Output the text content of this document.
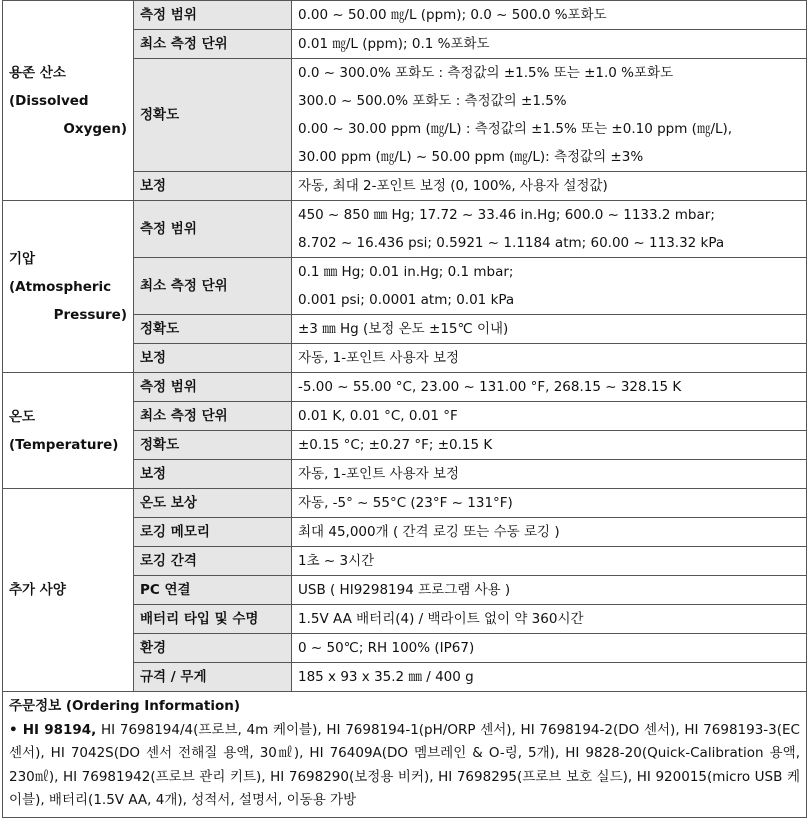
용존 산소
(Dissolved
Oxygen)	측정 범위	0.00 ~ 50.00 ㎎/L (ppm); 0.0 ~ 500.0 %포화도

	최소 측정 단위	0.01 ㎎/L (ppm); 0.1 %포화도

	정확도	0.0 ~ 300.0% 포화도 : 측정값의 ±1.5% 또는 ±1.0 %포화도
300.0 ~ 500.0% 포화도 : 측정값의 ±1.5%
0.00 ~ 30.00 ppm (㎎/L) : 측정값의 ±1.5% 또는 ±0.10 ppm (㎎/L),
30.00 ppm (㎎/L) ~ 50.00 ppm (㎎/L): 측정값의 ±3%

	보정	자동, 최대 2-포인트 보정 (0, 100%, 사용자 설정값)

기압
(Atmospheric
Pressure)	측정 범위	450 ~ 850 ㎜ Hg; 17.72 ~ 33.46 in.Hg; 600.0 ~ 1133.2 mbar;
8.702 ~ 16.436 psi; 0.5921 ~ 1.1184 atm; 60.00 ~ 113.32 kPa

	최소 측정 단위	0.1 ㎜ Hg; 0.01 in.Hg; 0.1 mbar;
0.001 psi; 0.0001 atm; 0.01 kPa

	정확도	±3 ㎜ Hg (보정 온도 ±15℃ 이내)

	보정	자동, 1-포인트 사용자 보정

온도
(Temperature)	측정 범위	-5.00 ~ 55.00 °C, 23.00 ~ 131.00 °F, 268.15 ~ 328.15 K

	최소 측정 단위	0.01 K, 0.01 °C, 0.01 °F

	정확도	±0.15 °C; ±0.27 °F; ±0.15 K

	보정	자동, 1-포인트 사용자 보정

추가 사양	온도 보상	자동, -5° ~ 55°C (23°F ~ 131°F)

	로깅 메모리	최대 45,000개 ( 간격 로깅 또는 수동 로깅 )

	로깅 간격	1초 ~ 3시간

	PC 연결	USB ( HI9298194 프로그램 사용 )

	배터리 타입 및 수명	1.5V AA 배터리(4) / 백라이트 없이 약 360시간

	환경	0 ~ 50℃; RH 100% (IP67)

	규격 / 무게	185 x 93 x 35.2 ㎜ / 400 g
주문정보 (Ordering Information)
• HI 98194, HI 7698194/4(프로브, 4m 케이블), HI 7698194-1(pH/ORP 센서), HI 7698194-2(DO 센서), HI 7698193-3(EC 센서), HI 7042S(DO 센서 전해질 용액, 30㎖), HI 76409A(DO 멤브레인 & O-링, 5개), HI 9828-20(Quick-Calibration 용액, 230㎖), HI 76981942(프로브 관리 키트), HI 7698290(보정용 비커), HI 7698295(프로브 보호 실드), HI 920015(micro USB 케이블), 배터리(1.5V AA, 4개), 성적서, 설명서, 이동용 가방
